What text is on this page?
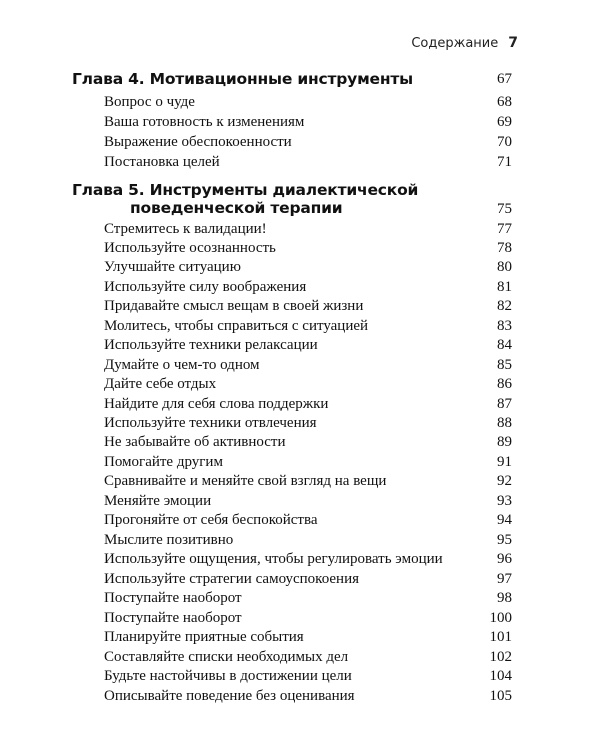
Содержание 7
Глава 4. Мотивационные инструменты	67
Вопрос о чуде	68
Ваша готовность к изменениям	69
Выражение обеспокоенности	70
Постановка целей	71
Глава 5. Инструменты диалектической
поведенческой терапии	75
Стремитесь к валидации!	77
Используйте осознанность	78
Улучшайте ситуацию	80
Используйте силу воображения	81
Придавайте смысл вещам в своей жизни	82
Молитесь, чтобы справиться с ситуацией	83
Используйте техники релаксации	84
Думайте о чем-то одном	85
Дайте себе отдых	86
Найдите для себя слова поддержки	87
Используйте техники отвлечения	88
Не забывайте об активности	89
Помогайте другим	91
Сравнивайте и меняйте свой взгляд на вещи	92
Меняйте эмоции	93
Прогоняйте от себя беспокойства	94
Мыслите позитивно	95
Используйте ощущения, чтобы регулировать эмоции	96
Используйте стратегии самоуспокоения	97
Поступайте наоборот	98
Поступайте наоборот	100
Планируйте приятные события	101
Составляйте списки необходимых дел	102
Будьте настойчивы в достижении цели	104
Описывайте поведение без оценивания	105
